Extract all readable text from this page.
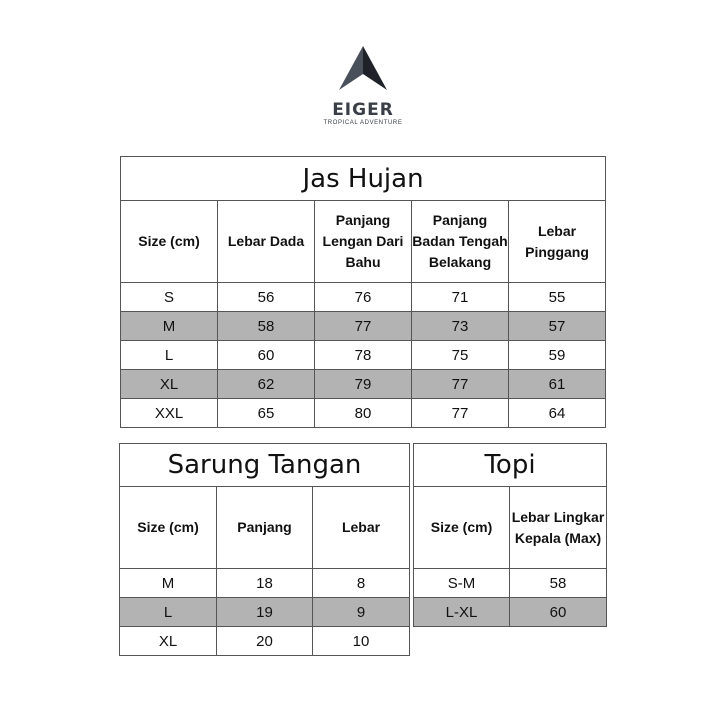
EIGER
TROPICAL ADVENTURE
Jas Hujan				
Size (cm)	Lebar Dada	Panjang Lengan Dari Bahu	Panjang Badan Tengah Belakang	Lebar Pinggang
S	56	76	71	55
M	58	77	73	57
L	60	78	75	59
XL	62	79	77	61
XXL	65	80	77	64
Sarung Tangan		
Size (cm)	Panjang	Lebar
M	18	8
L	19	9
XL	20	10
Topi	
Size (cm)	Lebar Lingkar Kepala (Max)
S-M	58
L-XL	60
